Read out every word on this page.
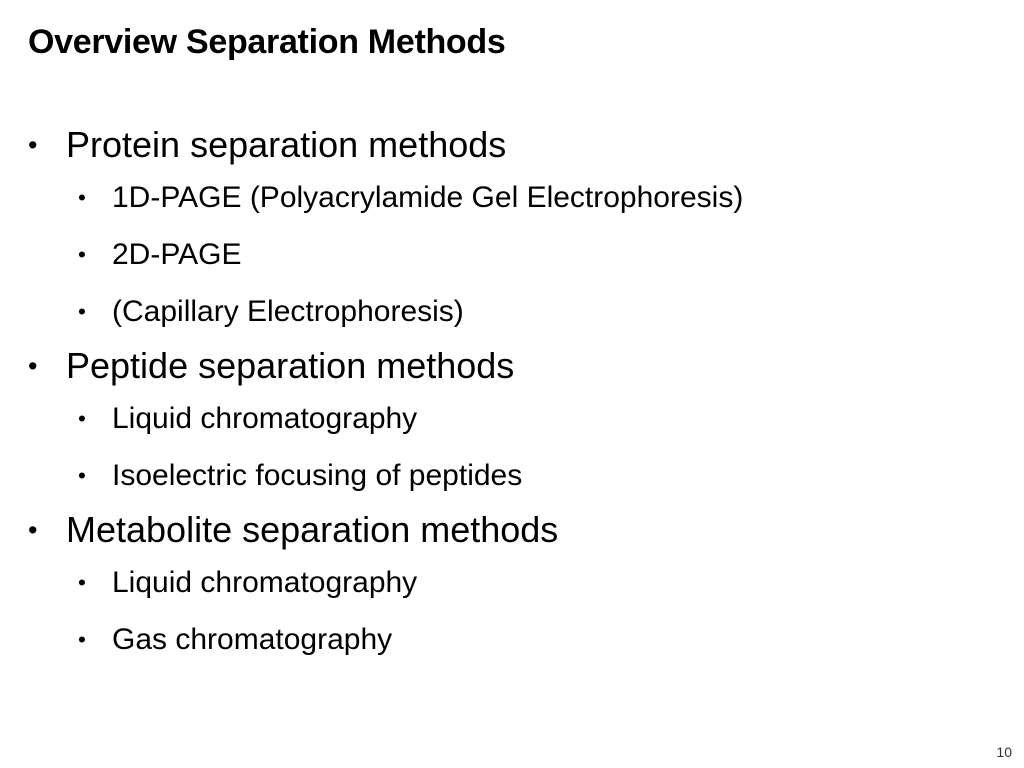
Overview Separation Methods
• Protein separation methods
• 1D-PAGE (Polyacrylamide Gel Electrophoresis)
• 2D-PAGE
• (Capillary Electrophoresis)
• Peptide separation methods
• Liquid chromatography
• Isoelectric focusing of peptides
• Metabolite separation methods
• Liquid chromatography
• Gas chromatography
10
